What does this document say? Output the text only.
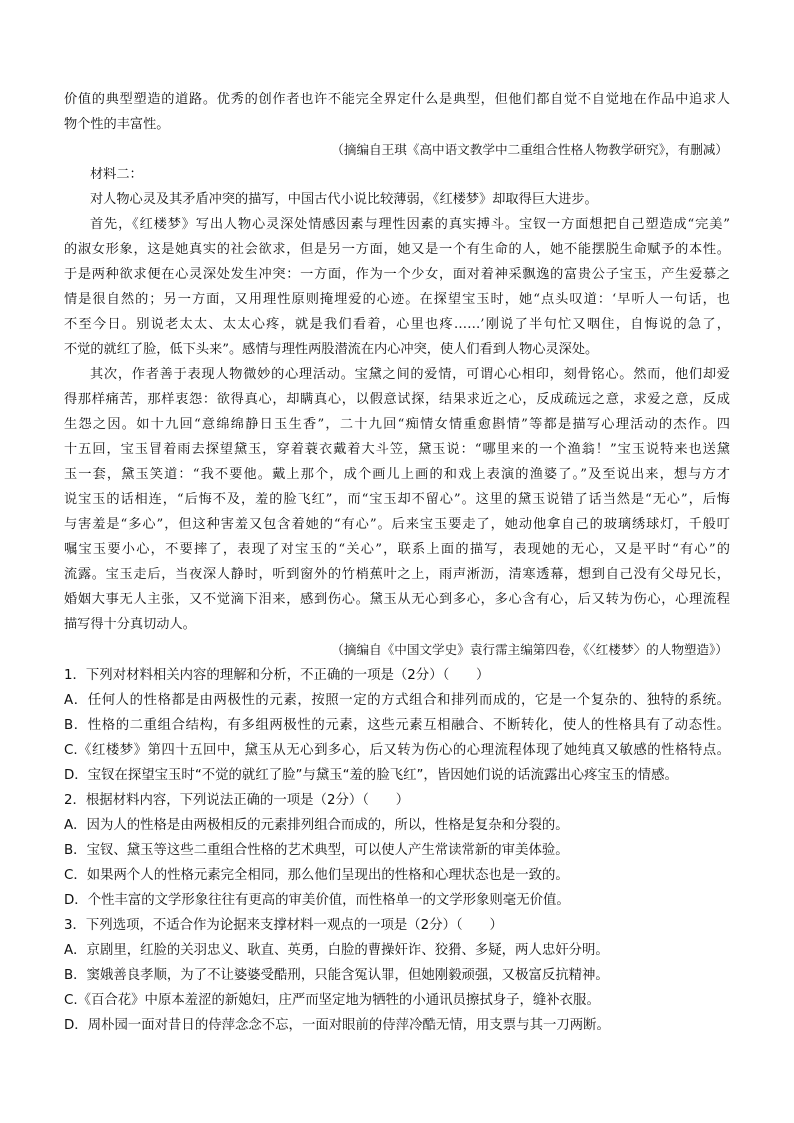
价值的典型塑造的道路。优秀的创作者也许不能完全界定什么是典型，但他们都自觉不自觉地在作品中追求人
物个性的丰富性。
（摘编自王琪《高中语文教学中二重组合性格人物教学研究》，有删减）
材料二：
对人物心灵及其矛盾冲突的描写，中国古代小说比较薄弱，《红楼梦》却取得巨大进步。
首先，《红楼梦》写出人物心灵深处情感因素与理性因素的真实搏斗。宝钗一方面想把自己塑造成“完美”
的淑女形象，这是她真实的社会欲求，但是另一方面，她又是一个有生命的人，她不能摆脱生命赋予的本性。
于是两种欲求便在心灵深处发生冲突：一方面，作为一个少女，面对着神采飘逸的富贵公子宝玉，产生爱慕之
情是很自然的；另一方面，又用理性原则掩埋爱的心迹。在探望宝玉时，她“点头叹道：‘早听人一句话，也
不至今日。别说老太太、太太心疼，就是我们看着，心里也疼……’刚说了半句忙又咽住，自悔说的急了，
不觉的就红了脸，低下头来”。感情与理性两股潜流在内心冲突，使人们看到人物心灵深处。
其次，作者善于表现人物微妙的心理活动。宝黛之间的爱情，可谓心心相印，刻骨铭心。然而，他们却爱
得那样痛苦，那样衷怨：欲得真心，却瞒真心，以假意试探，结果求近之心，反成疏远之意，求爱之意，反成
生怨之因。如十九回“意绵绵静日玉生香”，二十九回“痴情女情重愈斟情”等都是描写心理活动的杰作。四
十五回，宝玉冒着雨去探望黛玉，穿着蓑衣戴着大斗笠，黛玉说：“哪里来的一个渔翁！”宝玉说特来也送黛
玉一套，黛玉笑道：“我不要他。戴上那个，成个画儿上画的和戏上表演的渔婆了。”及至说出来，想与方才
说宝玉的话相连，“后悔不及，羞的脸飞红”，而“宝玉却不留心”。这里的黛玉说错了话当然是“无心”，后悔
与害羞是“多心”，但这种害羞又包含着她的“有心”。后来宝玉要走了，她动他拿自己的玻璃绣球灯，千般叮
嘱宝玉要小心，不要摔了，表现了对宝玉的“关心”，联系上面的描写，表现她的无心，又是平时“有心”的
流露。宝玉走后，当夜深人静时，听到窗外的竹梢蕉叶之上，雨声淅沥，清寒透幕，想到自己没有父母兄长，
婚姻大事无人主张，又不觉滴下泪来，感到伤心。黛玉从无心到多心，多心含有心，后又转为伤心，心理流程
描写得十分真切动人。
（摘编自《中国文学史》袁行霈主编第四卷，《〈红楼梦〉的人物塑造》）
1．下列对材料相关内容的理解和分析，不正确的一项是（2分）（　　）
A．任何人的性格都是由两极性的元素，按照一定的方式组合和排列而成的，它是一个复杂的、独特的系统。
B．性格的二重组合结构，有多组两极性的元素，这些元素互相融合、不断转化，使人的性格具有了动态性。
C.《红楼梦》第四十五回中，黛玉从无心到多心，后又转为伤心的心理流程体现了她纯真又敏感的性格特点。
D．宝钗在探望宝玉时“不觉的就红了脸”与黛玉“羞的脸飞红”，皆因她们说的话流露出心疼宝玉的情感。
2．根据材料内容，下列说法正确的一项是（2分）（　　）
A．因为人的性格是由两极相反的元素排列组合而成的，所以，性格是复杂和分裂的。
B．宝钗、黛玉等这些二重组合性格的艺术典型，可以使人产生常读常新的审美体验。
C．如果两个人的性格元素完全相同，那么他们呈现出的性格和心理状态也是一致的。
D．个性丰富的文学形象往往有更高的审美价值，而性格单一的文学形象则毫无价值。
3．下列选项，不适合作为论据来支撑材料一观点的一项是（2分）（　　）
A．京剧里，红脸的关羽忠义、耿直、英勇，白脸的曹操奸诈、狡猾、多疑，两人忠奸分明。
B．窦娥善良孝顺，为了不让婆婆受酷刑，只能含冤认罪，但她刚毅顽强，又极富反抗精神。
C.《百合花》中原本羞涩的新媳妇，庄严而坚定地为牺牲的小通讯员擦拭身子，缝补衣服。
D．周朴园一面对昔日的侍萍念念不忘，一面对眼前的侍萍冷酷无情，用支票与其一刀两断。
